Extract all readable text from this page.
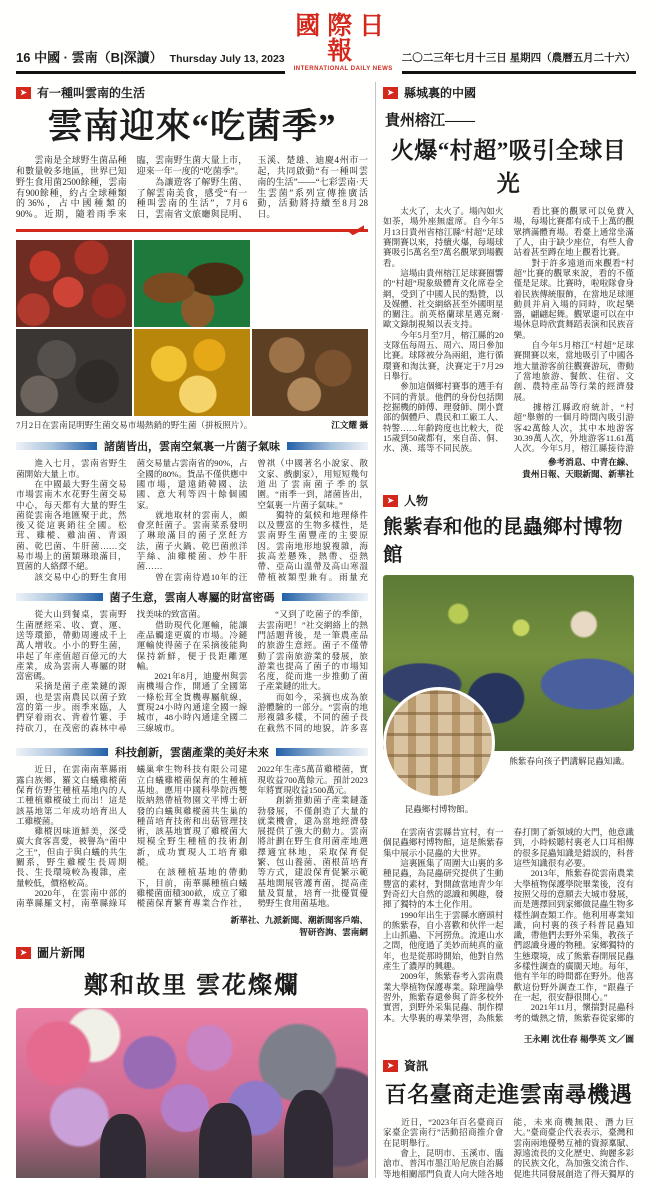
16 中國 · 雲南（B|深讀） Thursday July 13, 2023
國際日報
INTERNATIONAL DAILY NEWS
二〇二三年七月十三日 星期四（農曆五月二十六）
➤ 有一種叫雲南的生活
雲南迎來“吃菌季”
　　雲南是全球野生菌品種和數量較多地區，世界已知野生食用菌2500餘種，雲南有900餘種，約占全球種類的36%，占中國種類的90%。近期，隨着雨季來臨，雲南野生菌大量上市，迎來一年一度的“吃菌季”。
　　為讓遊客了解野生菌、了解雲南美食，感受“有一種叫雲南的生活”，7月6日，雲南省文旅廳與昆明、玉溪、楚雄、迪慶4州市一起，共同啟動“有一種叫雲南的生活”——“七彩雲南·天生雲菌”系列宣傳推廣活動，活動將持續至8月28日。

7月2日在雲南昆明野生菌交易市場熱銷的野生菌（拼板照片）。	江文耀 攝
諸菌皆出，雲南空氣裏一片菌子氣味
　　進入七月，雲南省野生菌開始大量上市。
　　在中國最大野生菌交易市場雲南木水花野生菌交易中心，每天都有大量的野生菌從雲南各地匯聚于此，然後又從這裏銷往全國。松茸、雞樅、雞油菌、青頭菌、乾巴菌、牛肝菌……交易市場上的菌類琳琅滿目，買菌的人絡繹不絕。
　　該交易中心的野生食用菌交易量占雲南省的90%，占全國的80%。貨品不僅供應中國市場，還遠銷韓國、法國、意大利等四十餘個國家。
　　就地取材的雲南人，頗會烹飪菌子。雲南菜系發明了琳琅滿目的菌子烹飪方法，菌子火鍋、乾巴菌煎洋芋絲、油雞樅菌、炒牛肝菌……
　　曾在雲南待過10年的汪曾祺（中國著名小說家、散文家、戲劇家），用短短幾句道出了雲南菌子季的氛圍。“雨季一到，諸菌皆出，空氣裏一片菌子氣味。”
　　獨特的氣候和地理條件以及豐富的生物多樣性，是雲南野生菌豐產的主要原因。雲南地形地貌複雜，海拔高差懸殊，熱帶、亞熱帶、亞高山溫帶及高山寒溫帶植被類型兼有。雨量充
菌子生意，雲南人專屬的財富密碼
　　從大山到餐桌，雲南野生菌歷經采、收、賣、運、送等環節，帶動周邊成千上萬人增收。小小的野生菌，串起了年產值超百億元的大產業，成為雲南人專屬的財富密碼。
　　采摘是菌子產業鏈的源頭，也是雲南農民以菌子致富的第一步。雨季來臨，人們穿着雨衣、背着竹簍、手持砍刀，在茂密的森林中尋找美味的致富菌。
　　借助現代化運輸，能讓產品觸達更廣的市場。冷鏈運輸使得菌子在采摘後能夠保持新鮮，便于長距離運輸。
　　2021年8月，迪慶州與雲南機場合作，開通了全國第一條松茸全貨機專屬航線，實現24小時內通達全國一線城市，48小時內通達全國二三線城市。
　　“又到了吃菌子的季節，去雲南吧！”社交網絡上的熱門話題背後，是一筆農產品的旅游生意經。菌子不僅帶動了雲南旅游業的發展，旅游業也提高了菌子的市場知名度，從而進一步推動了菌子產業鏈的壯大。
　　而如今，采摘也成為旅游體驗的一部分。“雲南的地形複雜多樣，不同的菌子長在截然不同的地貌，許多喜
科技創新，雲菌產業的美好未來
　　近日，在雲南南華縣雨露白族鄉，羅文白蟻雞樅菌保育仿野生種植基地內的人工種植雞樅破土而出！這是該基地第二年成功培育出人工雞樅菌。
　　雞樅因味道鮮美，深受廣大食客喜愛，被譽為“菌中之王”，但由于與白蟻的共生關系，野生雞樅生長周期長、生長環境較為複雜，產量較低，價格較高。
　　2020年，在雲南中部的南華縣羅文村，南華縣綠耳蟻巢傘生物科技有限公司建立白蟻雞樅菌保育的生種植基地。應用中國科學院西雙版納熱帶植物園文平博士研發的白蟻與雞樅菌共生巢的種苗培育技術和出菇管理技術，該基地實現了雞樅菌大規模全野生種植的技術創新，成功實現人工培育雞樅。
　　在該種植基地的帶動下，目前，南華縣種植白蟻雞樅菌面積300畝，成立了雞樅菌保育繁育專業合作社，2022年生產5萬苗雞樅菌，實現收益700萬餘元。預計2023年將實現收益1500萬元。
　　創新推動菌子產業鏈蓬勃發展，不僅創造了大量的就業機會，還為當地經濟發展提供了強大的動力。雲南將計劃在野生食用菌產地選擇適宜林地，采取保育促繁、包山養菌、菌根苗培育等方式，建設保育促繁示範基地開展管護育菌，提高產量及質量，培育一批優質優勢野生食用菌基地。

新華社、九派新聞、潮新聞客戶端、
智研咨詢、雲南網
➤ 圖片新聞
鄭和故里 雲花燦爛
➤ 縣城裏的中國
貴州榕江——
火爆“村超”吸引全球目光
　　太火了，太火了。場內如火如荼，場外座無虛席。自今年5月13日貴州省榕江縣“村超”足球賽開賽以來，持續火爆，每場球賽吸引5萬名至7萬名觀眾到場觀看。
　　這場由貴州榕江足球賽圈響的“村超”現象級體育文化席卷全網，受到了中國人民的點贊，以及媒體、社交網絡甚至外國明星的關注。前英格蘭球星邁克爾·歐文錄制視頻以表支持。
　　今年5月至7月，榕江縣的20支隊伍每周五、周六、周日參加比賽。球隊被分為兩組，進行循環賽和淘汰賽，決賽定于7月29日舉行。
　　參加這個鄉村賽事的選手有不同的背景。他們的身份包括開挖掘機的師傅、理發師、開小賣部的個體戶、農民和工廠工人、特警……年齡跨度也比較大，從15歲到50歲都有，來自苗、侗、水、漢、瑤等不同民族。
　　看比賽的觀眾可以免費入場，每場比賽都有成千上萬的觀眾擠滿體育場。看臺上通常坐滿了人，由于缺少座位，有些人會站着甚至蹲在地上觀看比賽。
　　對于許多遠道而來觀看“村超”比賽的觀眾來說，看的不僅僅是足球。比賽時，啦啦隊會身着民族傳統服飾，在當地足球運動員并肩入場的同時，吹起樂器，翩翩起舞。觀眾還可以在中場休息時欣賞舞蹈表演和民族音樂。
　　自今年5月榕江“村超”足球賽開賽以來，當地吸引了中國各地大量游客前往觀賽游玩，帶動了當地旅游、餐飲、住宿、文創、農特產品等行業的經濟發展。
　　據榕江縣政府統計，“村超”舉辦的一個月時間內吸引游客42萬餘人次，其中本地游客30.39萬人次，外地游客11.61萬人次。今年5月，榕江縣接待游
參考消息、中青在線、
貴州日報、天眼新聞、新華社
➤ 人物
熊紫春和他的昆蟲鄉村博物館
熊紫春向孩子們講解昆蟲知識。
昆蟲鄉村博物館。
　　在雲南省雲縣昔宜村，有一個昆蟲鄉村博物館，這是熊紫春集中展示小昆蟲的大世界。
　　這裏匯集了周圍大山裏的多種昆蟲，為昆蟲研究提供了生動豐富的素材，對開啟當地青少年對奇幻大自然的認識和興趣，發揮了獨特的本土化作用。
　　1990年出生于雲縣水磨頭村的熊紫春，自小喜歡和伙伴一起上山抓蟲、下河撈魚。流連山水之間，他度過了美妙而純真的童年，也是從那時開始，他對自然產生了濃厚的興趣。
　　2009年，熊紫春考入雲南農業大學植物保護專業。除理論學習外，熊紫春還參與了許多校外實習，到野外采集昆蟲、制作標本。大學裏的專業學習，為熊紫春打開了新領域的大門，他意識到，小時候聽村裏老人口耳相傳的很多昆蟲知識是錯誤的，科普這些知識很有必要。
　　2013年，熊紫春從雲南農業大學植物保護學院畢業後，沒有按照父母的意願去大城市發展，而是選擇回到家鄉做昆蟲生物多樣性調查類工作。他利用專業知識，向村裏的孩子科普昆蟲知識，帶他們去野外采集，教孩子們認識身邊的物種。家鄉獨特的生態環境，成了熊紫春開展昆蟲多樣性調查的廣闊天地。每年，他有半年的時間都在野外。他喜歡這份野外調查工作，“跟蟲子在一起，很安靜很開心。”
　　2021年11月，懷揣對昆蟲科考的熾熱之情，熊紫春從家鄉的

王永剛 沈仕春 楊學英 文／圖
➤ 資訊
百名臺商走進雲南尋機遇
　　近日，“2023年百名臺商百家臺企雲南行”活動招商推介會在昆明舉行。
　　會上，昆明市、玉溪市、臨滄市、普洱市墨江哈尼族自治縣等地相關部門負責人向大陸各地
　　能，未來商機無限、潛力巨大。”臺商臺企代表表示，臺灣和雲南兩地優勢互補的資源稟賦、源遠流長的文化歷史、絢麗多彩的民族文化，為加強交流合作、促進共同發展創造了得天獨厚的
